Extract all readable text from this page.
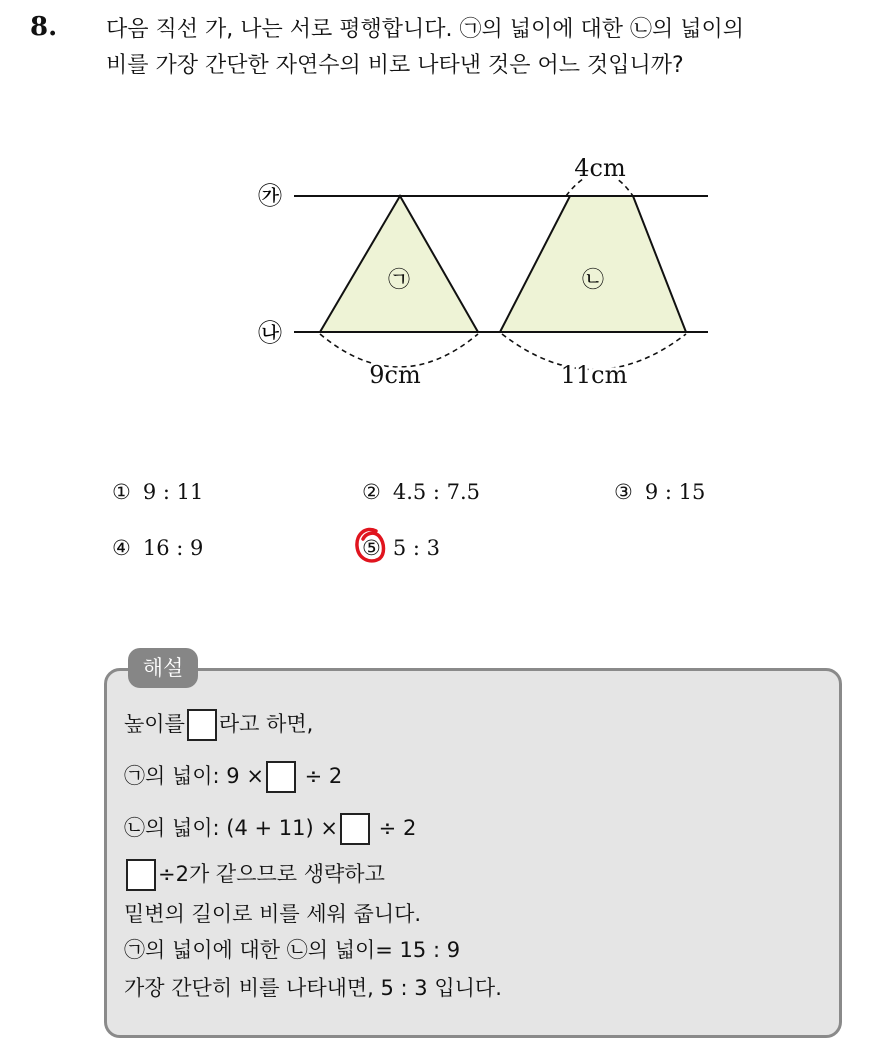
8. 다음 직선 가, 나는 서로 평행합니다. ㉠의 넓이에 대한 ㉡의 넓이의
비를 가장 간단한 자연수의 비로 나타낸 것은 어느 것입니까?
㉮
㉯
㉠	㉡
4cm
9cm	11cm
① 9 : 11	② 4.5 : 7.5	③ 9 : 15
④ 16 : 9	⑤ 5 : 3
해설
높이를 라고 하면,
㉠의 넓이: 9 × ÷ 2
㉡의 넓이: (4 + 11) × ÷ 2
÷2가 같으므로 생략하고
밑변의 길이로 비를 세워 줍니다.
㉠의 넓이에 대한 ㉡의 넓이= 15 : 9
가장 간단히 비를 나타내면, 5 : 3 입니다.
